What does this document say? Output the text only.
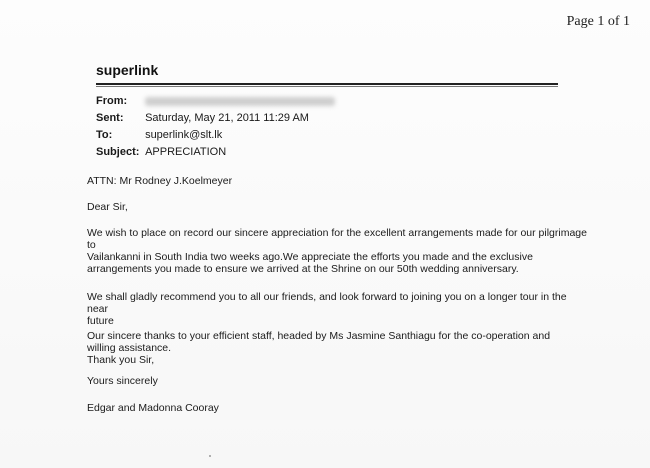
Page 1 of 1
superlink
From:
Sent: Saturday, May 21, 2011 11:29 AM
To:	superlink@slt.lk
Subject: APPRECIATION
ATTN: Mr Rodney J.Koelmeyer
Dear Sir,
We wish to place on record our sincere appreciation for the excellent arrangements made for our pilgrimage
to
Vailankanni in South India two weeks ago.We appreciate the efforts you made and the exclusive
arrangements you made to ensure we arrived at the Shrine on our 50th wedding anniversary.
We shall gladly recommend you to all our friends, and look forward to joining you on a longer tour in the near
future
Our sincere thanks to your efficient staff, headed by Ms Jasmine Santhiagu for the co-operation and
willing assistance.
Thank you Sir,
Yours sincerely
Edgar and Madonna Cooray
